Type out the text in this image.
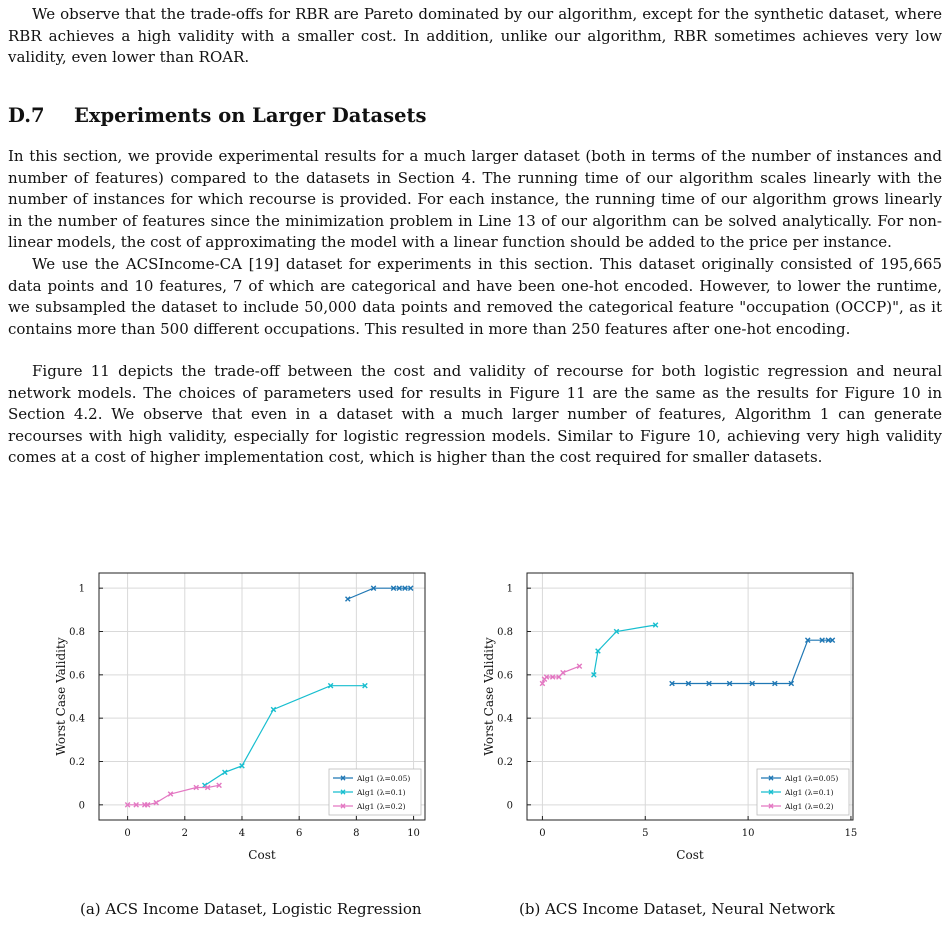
We observe that the trade-offs for RBR are Pareto dominated by our algorithm, except for the synthetic dataset, where RBR achieves a high validity with a smaller cost. In addition, unlike our algorithm, RBR sometimes achieves very low validity, even lower than ROAR.

D.7 Experiments on Larger Datasets

In this section, we provide experimental results for a much larger dataset (both in terms of the number of instances and number of features) compared to the datasets in Section 4. The running time of our algorithm scales linearly with the number of instances for which recourse is provided. For each instance, the running time of our algorithm grows linearly in the number of features since the minimization problem in Line 13 of our algorithm can be solved analytically. For non-linear models, the cost of approximating the model with a linear function should be added to the price per instance.

We use the ACSIncome-CA [19] dataset for experiments in this section. This dataset originally consisted of 195,665 data points and 10 features, 7 of which are categorical and have been one-hot encoded. However, to lower the runtime, we subsampled the dataset to include 50,000 data points and removed the categorical feature "occupation (OCCP)", as it contains more than 500 different occupations. This resulted in more than 250 features after one-hot encoding.

Figure 11 depicts the trade-off between the cost and validity of recourse for both logistic regression and neural network models. The choices of parameters used for results in Figure 11 are the same as the results for Figure 10 in Section 4.2. We observe that even in a dataset with a much larger number of features, Algorithm 1 can generate recourses with high validity, especially for logistic regression models. Similar to Figure 10, achieving very high validity comes at a cost of higher implementation cost, which is higher than the cost required for smaller datasets.

0	2	4	6	8	10
0
0.2
0.4
0.6
0.8
1
Cost
Worst Case Validity
Alg1 (λ=0.05)
Alg1 (λ=0.1)
Alg1 (λ=0.2)
0	5	10	15
0
0.2
0.4
0.6
0.8
1
Cost
Worst Case Validity
Alg1 (λ=0.05)
Alg1 (λ=0.1)
Alg1 (λ=0.2)
(a) ACS Income Dataset, Logistic Regression	(b) ACS Income Dataset, Neural Network
